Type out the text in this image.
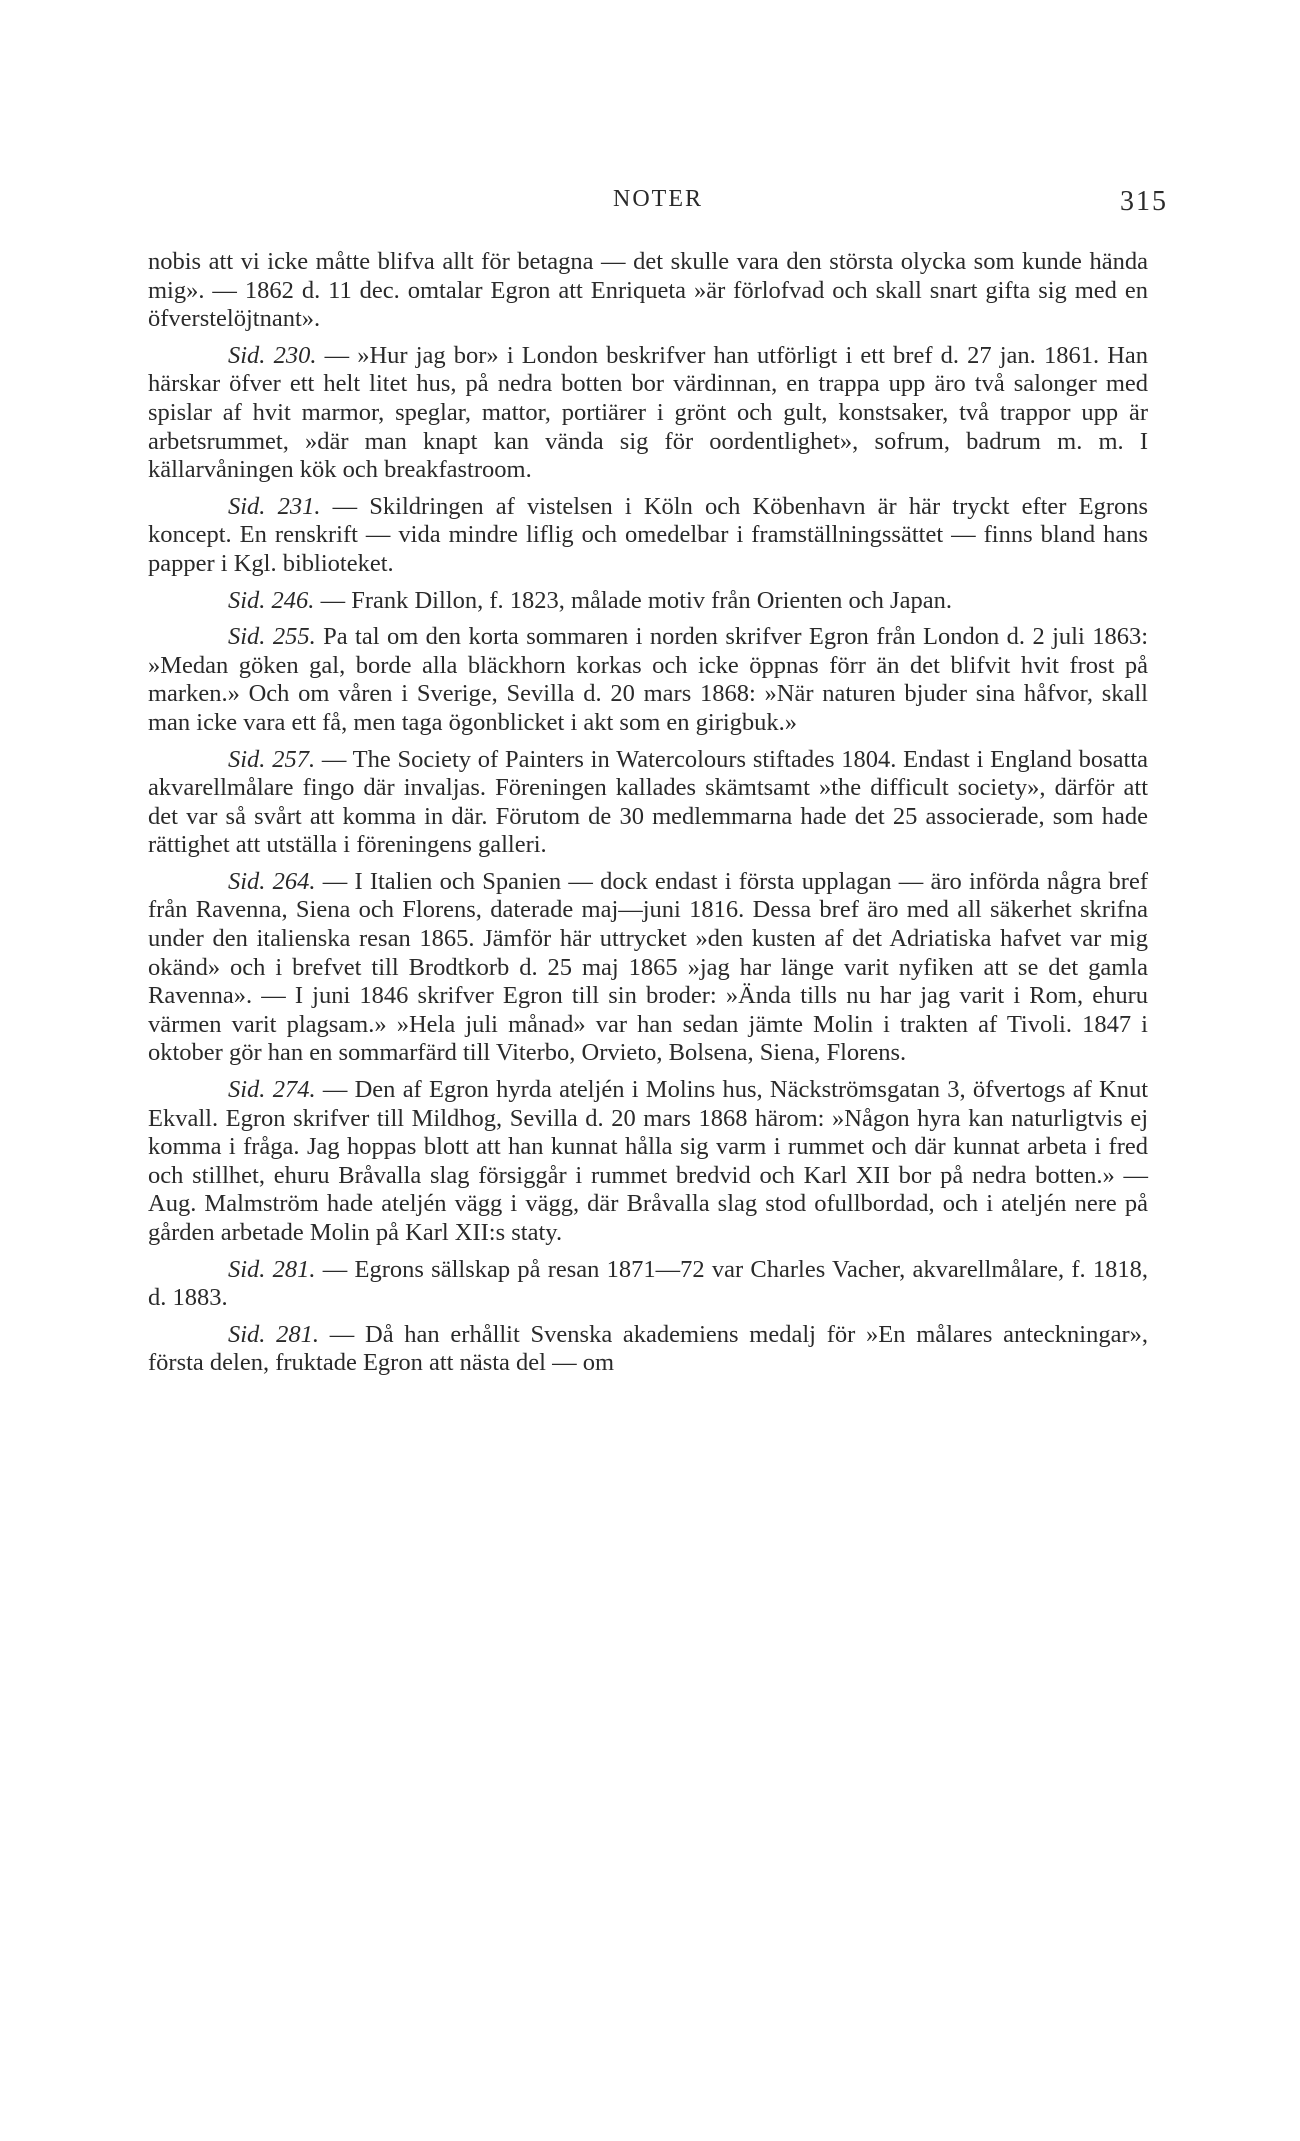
NOTER	315

nobis att vi icke måtte blifva allt för betagna — det skulle vara den största olycka som kunde hända mig». — 1862 d. 11 dec. omtalar Egron att Enriqueta »är förlofvad och skall snart gifta sig med en öfverstelöjtnant».

Sid. 230. — »Hur jag bor» i London beskrifver han utförligt i ett bref d. 27 jan. 1861. Han härskar öfver ett helt litet hus, på nedra botten bor värdinnan, en trappa upp äro två salonger med spislar af hvit marmor, speglar, mattor, portiärer i grönt och gult, konstsaker, två trappor upp är arbetsrummet, »där man knapt kan vända sig för oordentlighet», sofrum, badrum m. m. I källarvåningen kök och breakfastroom.

Sid. 231. — Skildringen af vistelsen i Köln och Köbenhavn är här tryckt efter Egrons koncept. En renskrift — vida mindre liflig och omedelbar i framställningssättet — finns bland hans papper i Kgl. biblioteket.

Sid. 246. — Frank Dillon, f. 1823, målade motiv från Orienten och Japan.

Sid. 255. Pa tal om den korta sommaren i norden skrifver Egron från London d. 2 juli 1863: »Medan göken gal, borde alla bläckhorn korkas och icke öppnas förr än det blifvit hvit frost på marken.» Och om våren i Sverige, Sevilla d. 20 mars 1868: »När naturen bjuder sina håfvor, skall man icke vara ett få, men taga ögonblicket i akt som en girigbuk.»

Sid. 257. — The Society of Painters in Watercolours stiftades 1804. Endast i England bosatta akvarellmålare fingo där invaljas. Föreningen kallades skämtsamt »the difficult society», därför att det var så svårt att komma in där. Förutom de 30 medlemmarna hade det 25 associerade, som hade rättighet att utställa i föreningens galleri.

Sid. 264. — I Italien och Spanien — dock endast i första upplagan — äro införda några bref från Ravenna, Siena och Florens, daterade maj—juni 1816. Dessa bref äro med all säkerhet skrifna under den italienska resan 1865. Jämför här uttrycket »den kusten af det Adriatiska hafvet var mig okänd» och i brefvet till Brodtkorb d. 25 maj 1865 »jag har länge varit nyfiken att se det gamla Ravenna». — I juni 1846 skrifver Egron till sin broder: »Ända tills nu har jag varit i Rom, ehuru värmen varit plagsam.» »Hela juli månad» var han sedan jämte Molin i trakten af Tivoli. 1847 i oktober gör han en sommarfärd till Viterbo, Orvieto, Bolsena, Siena, Florens.

Sid. 274. — Den af Egron hyrda ateljén i Molins hus, Näckströmsgatan 3, öfvertogs af Knut Ekvall. Egron skrifver till Mildhog, Sevilla d. 20 mars 1868 härom: »Någon hyra kan naturligtvis ej komma i fråga. Jag hoppas blott att han kunnat hålla sig varm i rummet och där kunnat arbeta i fred och stillhet, ehuru Bråvalla slag försiggår i rummet bredvid och Karl XII bor på nedra botten.» — Aug. Malmström hade ateljén vägg i vägg, där Bråvalla slag stod ofullbordad, och i ateljén nere på gården arbetade Molin på Karl XII:s staty.

Sid. 281. — Egrons sällskap på resan 1871—72 var Charles Vacher, akvarellmålare, f. 1818, d. 1883.

Sid. 281. — Då han erhållit Svenska akademiens medalj för »En målares anteckningar», första delen, fruktade Egron att nästa del — om
